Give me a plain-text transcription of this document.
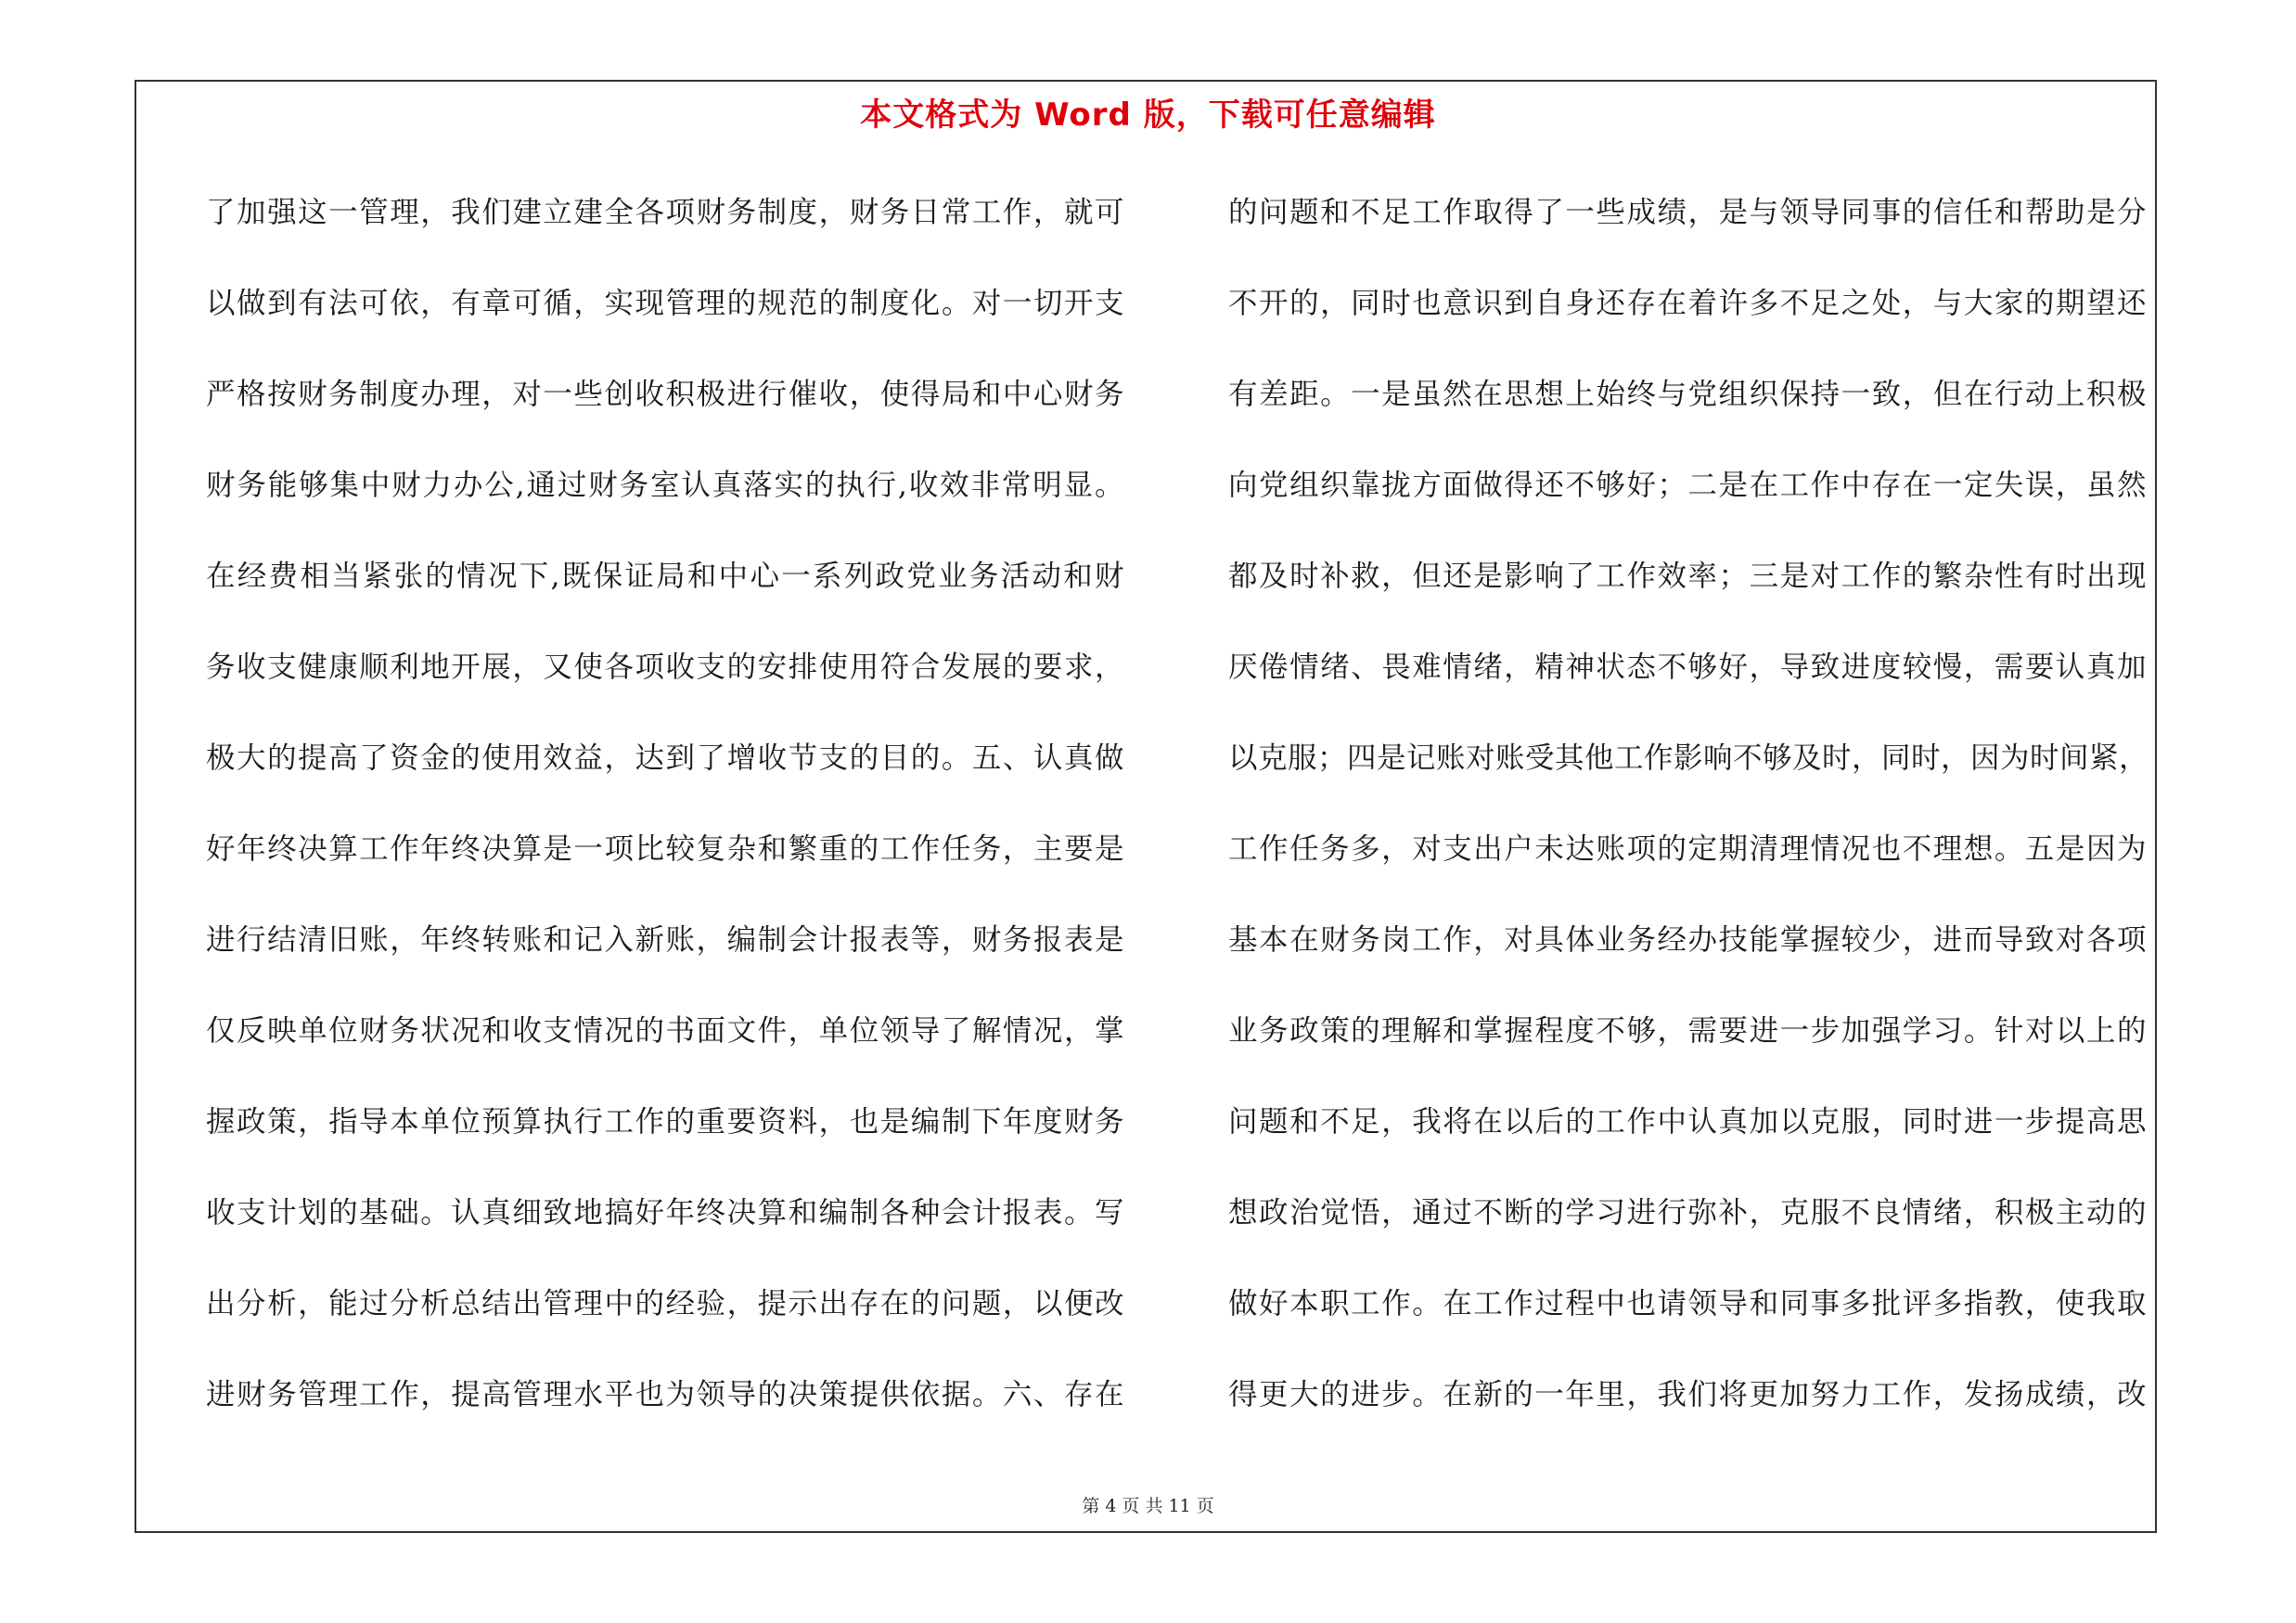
本文格式为 Word 版，下载可任意编辑
了加强这一管理，我们建立建全各项财务制度，财务日常工作，就可
以做到有法可依，有章可循，实现管理的规范的制度化。对一切开支
严格按财务制度办理，对一些创收积极进行催收，使得局和中心财务
财务能够集中财力办公,通过财务室认真落实的执行,收效非常明显。
在经费相当紧张的情况下,既保证局和中心一系列政党业务活动和财
务收支健康顺利地开展，又使各项收支的安排使用符合发展的要求，
极大的提高了资金的使用效益，达到了增收节支的目的。五、认真做
好年终决算工作年终决算是一项比较复杂和繁重的工作任务，主要是
进行结清旧账，年终转账和记入新账，编制会计报表等，财务报表是
仅反映单位财务状况和收支情况的书面文件，单位领导了解情况，掌
握政策，指导本单位预算执行工作的重要资料，也是编制下年度财务
收支计划的基础。认真细致地搞好年终决算和编制各种会计报表。写
出分析，能过分析总结出管理中的经验，提示出存在的问题，以便改
进财务管理工作，提高管理水平也为领导的决策提供依据。六、存在
的问题和不足工作取得了一些成绩，是与领导同事的信任和帮助是分
不开的，同时也意识到自身还存在着许多不足之处，与大家的期望还
有差距。一是虽然在思想上始终与党组织保持一致，但在行动上积极
向党组织靠拢方面做得还不够好；二是在工作中存在一定失误，虽然
都及时补救，但还是影响了工作效率；三是对工作的繁杂性有时出现
厌倦情绪、畏难情绪，精神状态不够好，导致进度较慢，需要认真加
以克服；四是记账对账受其他工作影响不够及时，同时，因为时间紧，
工作任务多，对支出户未达账项的定期清理情况也不理想。五是因为
基本在财务岗工作，对具体业务经办技能掌握较少，进而导致对各项
业务政策的理解和掌握程度不够，需要进一步加强学习。针对以上的
问题和不足，我将在以后的工作中认真加以克服，同时进一步提高思
想政治觉悟，通过不断的学习进行弥补，克服不良情绪，积极主动的
做好本职工作。在工作过程中也请领导和同事多批评多指教，使我取
得更大的进步。在新的一年里，我们将更加努力工作，发扬成绩，改
第 4 页 共 11 页
